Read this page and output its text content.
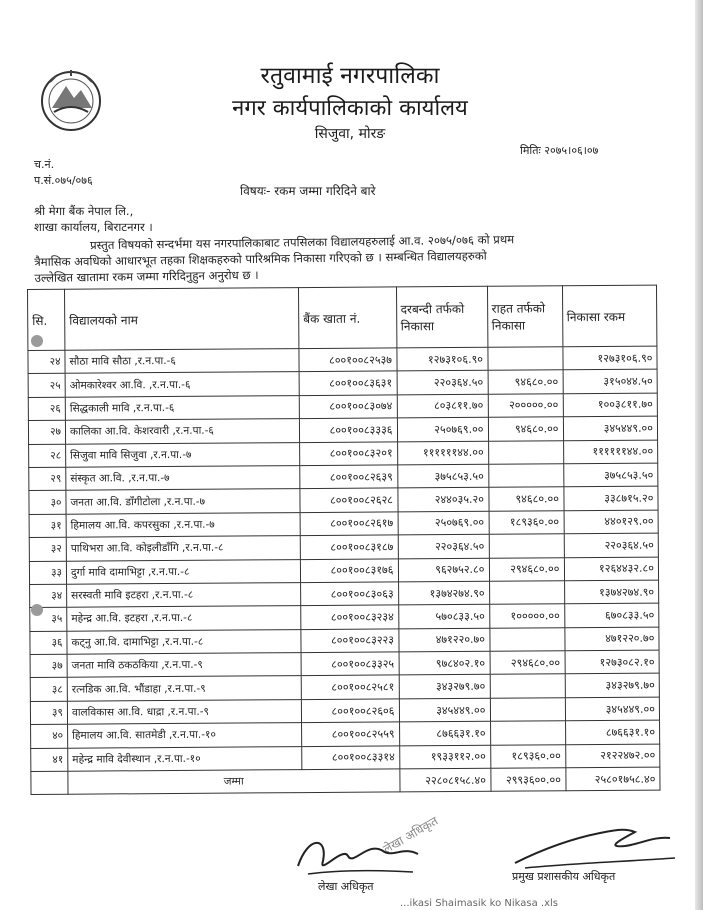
रतुवामाई नगरपालिका
नगर कार्यपालिकाको कार्यालय
सिजुवा, मोरङ
मितिः २०७५।०६।०७
च.नं.
प.सं.०७५/०७६
विषयः- रकम जम्मा गरिदिने बारे
श्री मेगा बैंक नेपाल लि.,
शाखा कार्यालय, बिराटनगर ।
प्रस्तुत विषयको सन्दर्भमा यस नगरपालिकाबाट तपसिलका विद्यालयहरुलाई आ.व. २०७५/०७६ को प्रथम
त्रैमासिक अवधिको आधारभूत तहका शिक्षकहरुको पारिश्रमिक निकासा गरिएको छ । सम्बन्धित विद्यालयहरुको
उल्लेखित खातामा रकम जम्मा गरिदिनुहुन अनुरोध छ ।
सि.	विद्यालयको नाम	बैंक खाता नं.	दरबन्दी तर्फको निकासा	राहत तर्फको निकासा	निकासा रकम
२४	सौठा मावि सौठा ,र.न.पा.-६	८००१००८२५३७	१२७३१०६.९०		१२७३१०६.९०
२५	ओमकारेश्वर आ.वि. ,र.न.पा.-६	८००१००८३६३१	२२०३६४.५०	९४६८०.००	३१५०४४.५०
२६	सिद्धकाली मावि ,र.न.पा.-६	८००१००८३०७४	८०३८११.७०	२०००००.००	१००३८११.७०
२७	कालिका आ.वि. केशरवारी ,र.न.पा.-६	८००१००८३३३६	२५०७६९.००	९४६८०.००	३४५४४९.००
२८	सिजुवा मावि सिजुवा ,र.न.पा.-७	८००१००८३२०१	११११११४४.००		११११११४४.००
२९	संस्कृत आ.वि. ,र.न.पा.-७	८००१००८२६३९	३७५८५३.५०		३७५८५३.५०
३०	जनता आ.वि. डाँगीटोला ,र.न.पा.-७	८००१००८२६२८	२४४०३५.२०	९४६८०.००	३३८७१५.२०
३१	हिमालय आ.वि. कपरसुका ,र.न.पा.-७	८००१००८२६१७	२५०७६९.००	१८९३६०.००	४४०१२९.००
३२	पाथिभरा आ.वि. कोइलीडाँगि ,र.न.पा.-८	८००१००८३१८७	२२०३६४.५०		२२०३६४.५०
३३	दुर्गा मावि दामाभिट्टा ,र.न.पा.-८	८००१००८३१७६	९६२७५२.८०	२९४६८०.००	१२६४४३२.८०
३४	सरस्वती मावि इटहरा ,र.न.पा.-८	८००१००८३०६३	१३७४२७४.९०		१३७४२७४.९०
३५	महेन्द्र आ.वि. इटहरा ,र.न.पा.-८	८००१००८३२३४	५७०८३३.५०	१०००००.००	६७०८३३.५०
३६	कट्नु आ.वि. दामाभिट्टा ,र.न.पा.-८	८००१००८३२२३	४७१२२०.७०		४७१२२०.७०
३७	जनता मावि ठकठकिया ,र.न.पा.-९	८००१००८३३२५	९७८४०२.१०	२९४६८०.००	१२७३०८२.१०
३८	रत्नडिक आ.वि. भौंडाहा ,र.न.पा.-९	८००१००८२५८१	३४३२७९.७०		३४३२७९.७०
३९	वालविकास आ.वि. धाद्रा ,र.न.पा.-९	८००१००८२६०६	३४५४४९.००		३४५४४९.००
४०	हिमालय आ.वि. सातमेडी ,र.न.पा.-१०	८००१००८२५५९	८७६६३१.१०		८७६६३१.१०
४१	महेन्द्र मावि देवीस्थान ,र.न.पा.-१०	८००१००८३३१४	१९३३११२.००	१८९३६०.००	२१२२४७२.००
	जम्मा		२२८०८१५८.४०	२९९३६००.००	२५८०१७५८.४०
लेखा अधिकृत
लेखा अधिकृत
प्रमुख प्रशासकीय अधिकृत
...ikasi Shaimasik ko Nikasa .xls
